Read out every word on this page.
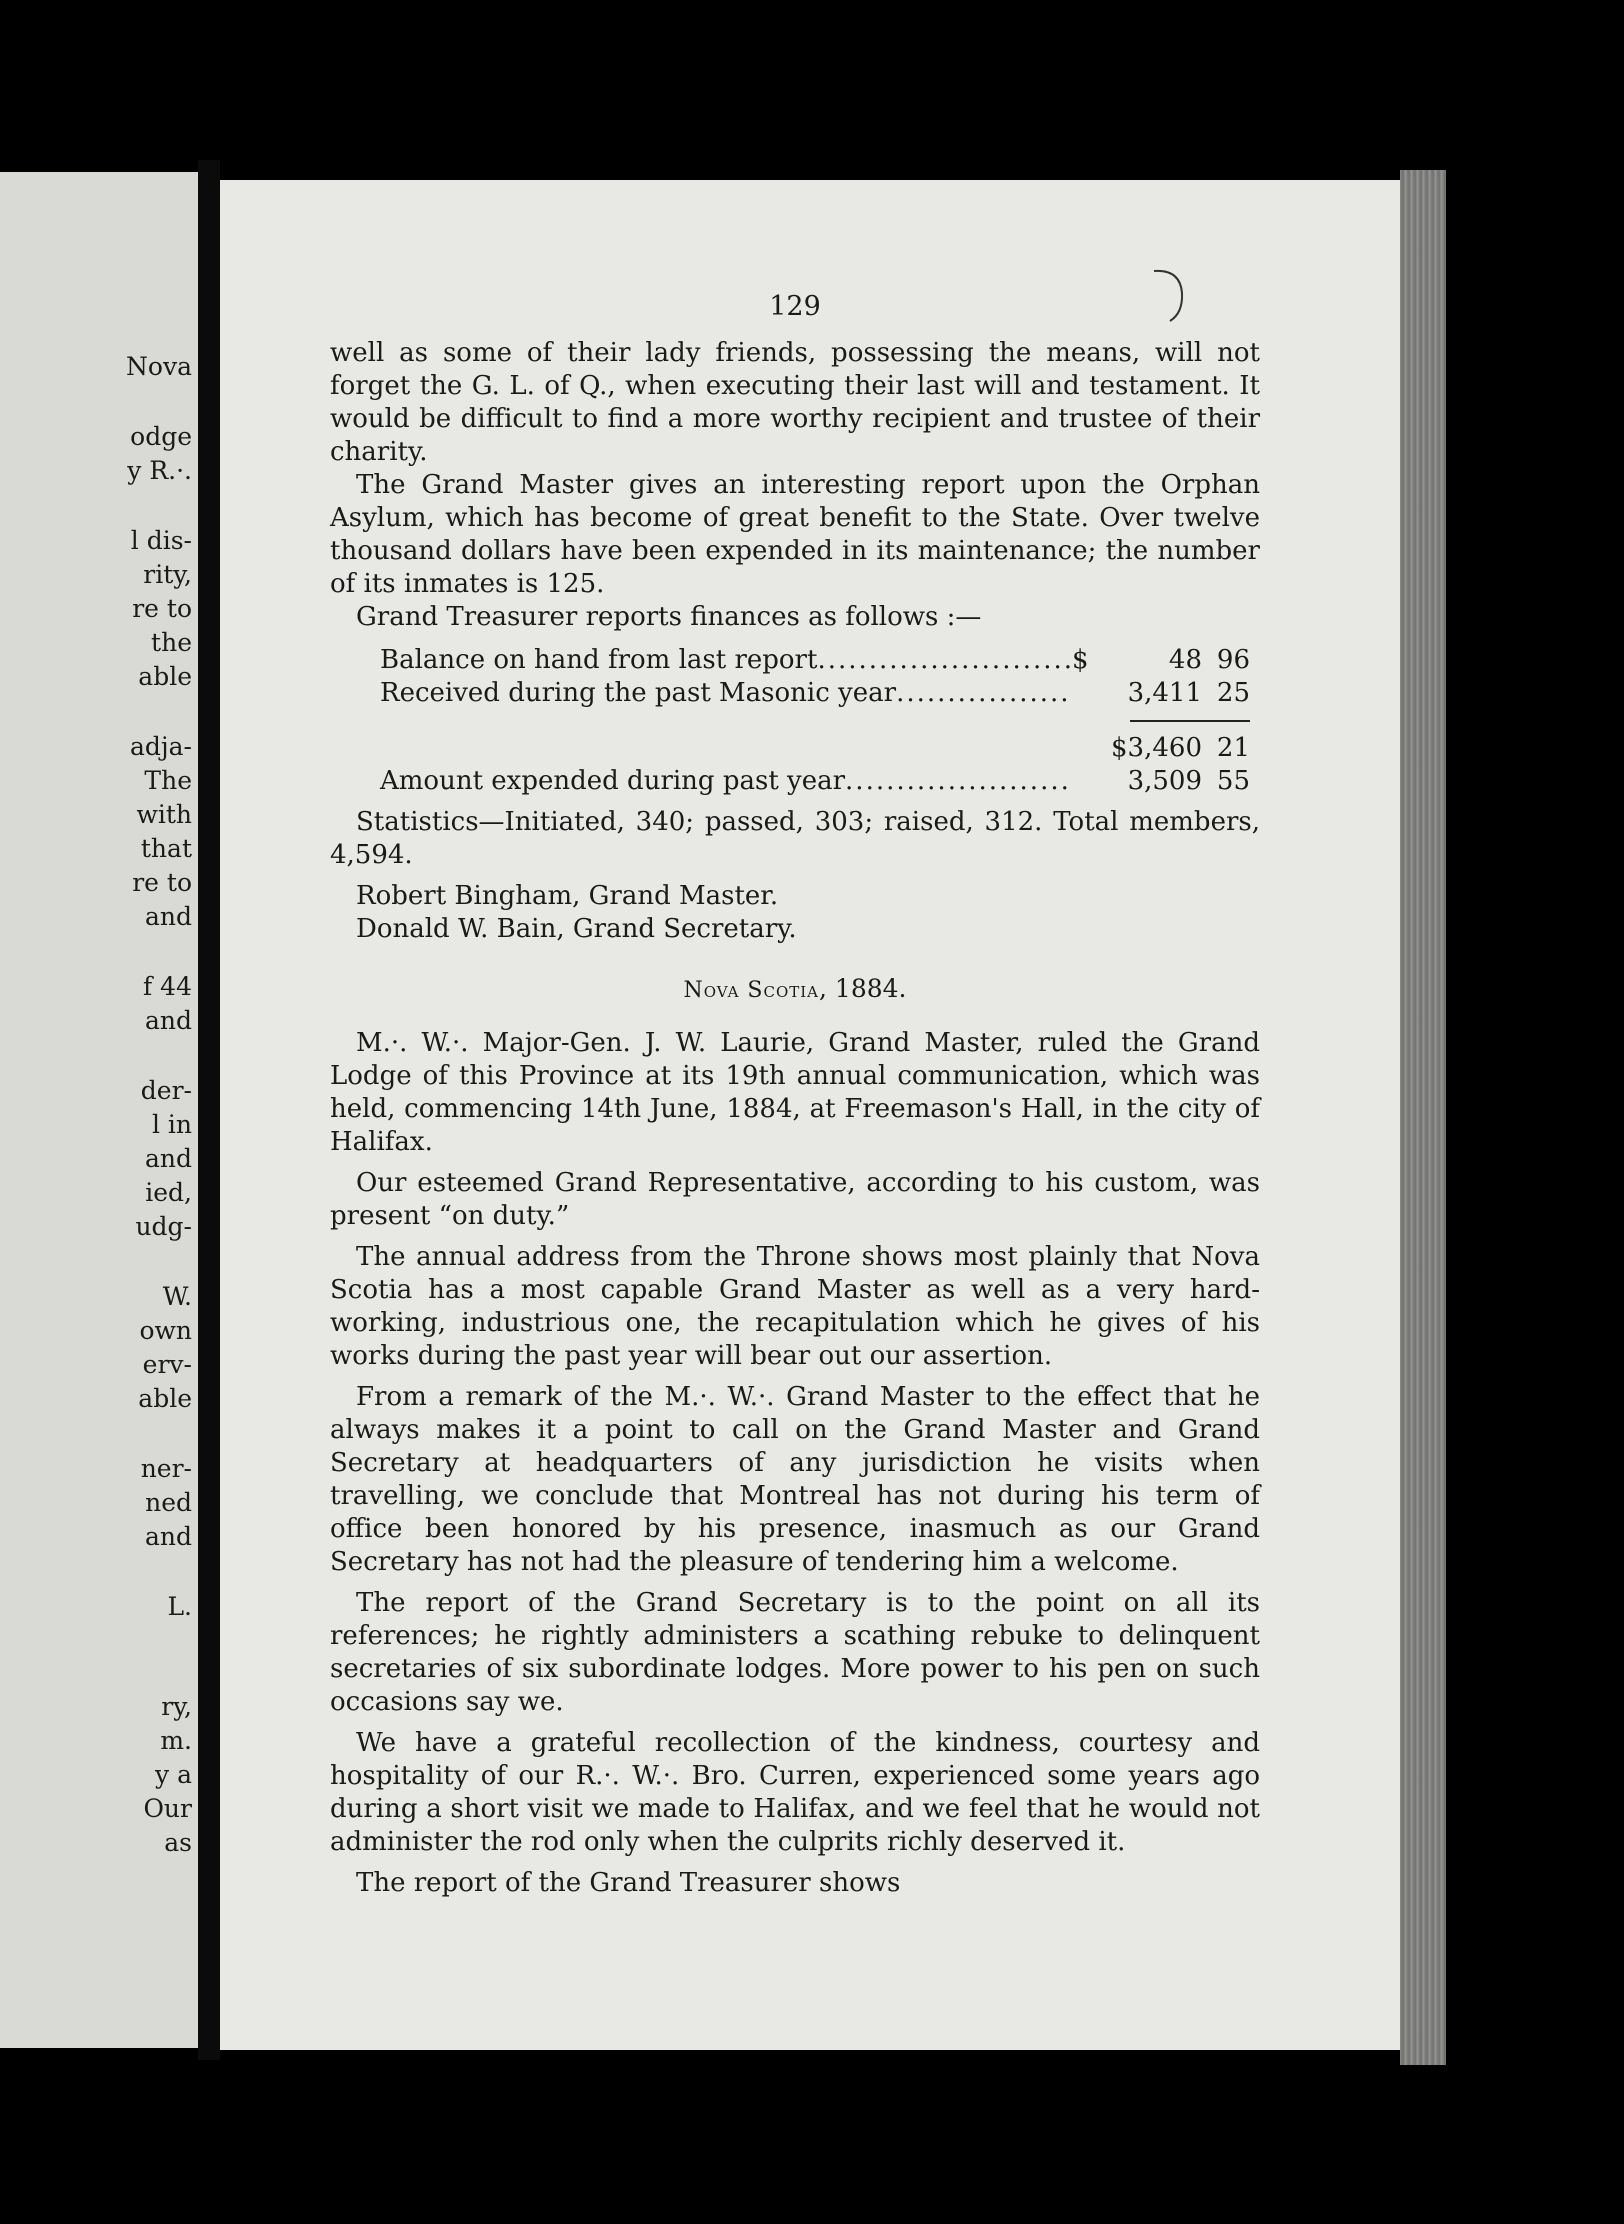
Nova
odge
y R.·.
l dis-
rity,
re to
the
able
adja-
The
with
that
re to
and
f 44
and
der-
l in
and
ied,
udg-
W.
own
erv-
able
ner-
ned
and
L.
ry,
m.
y a
Our
as
129

well as some of their lady friends, possessing the means, will not forget the G. L. of Q., when executing their last will and testament. It would be difficult to find a more worthy recipient and trustee of their charity.

The Grand Master gives an interesting report upon the Orphan Asylum, which has become of great benefit to the State. Over twelve thousand dollars have been expended in its maintenance; the number of its inmates is 125.

Grand Treasurer reports finances as follows :—

Balance on hand from last report .....	$	48 96
Received during the past Masonic year .....	3,411 25
$3,460 21
Amount expended during past year .....	3,509 55

Statistics—Initiated, 340; passed, 303; raised, 312. Total members, 4,594.

Robert Bingham, Grand Master.

Donald W. Bain, Grand Secretary.

Nova Scotia, 1884.

M.·. W.·. Major-Gen. J. W. Laurie, Grand Master, ruled the Grand Lodge of this Province at its 19th annual communication, which was held, commencing 14th June, 1884, at Freemason's Hall, in the city of Halifax.

Our esteemed Grand Representative, according to his custom, was present “on duty.”

The annual address from the Throne shows most plainly that Nova Scotia has a most capable Grand Master as well as a very hard-working, industrious one, the recapitulation which he gives of his works during the past year will bear out our assertion.

From a remark of the M.·. W.·. Grand Master to the effect that he always makes it a point to call on the Grand Master and Grand Secretary at headquarters of any jurisdiction he visits when travelling, we conclude that Montreal has not during his term of office been honored by his presence, inasmuch as our Grand Secretary has not had the pleasure of tendering him a welcome.

The report of the Grand Secretary is to the point on all its references; he rightly administers a scathing rebuke to delinquent secretaries of six subordinate lodges. More power to his pen on such occasions say we.

We have a grateful recollection of the kindness, courtesy and hospitality of our R.·. W.·. Bro. Curren, experienced some years ago during a short visit we made to Halifax, and we feel that he would not administer the rod only when the culprits richly deserved it.

The report of the Grand Treasurer shows
